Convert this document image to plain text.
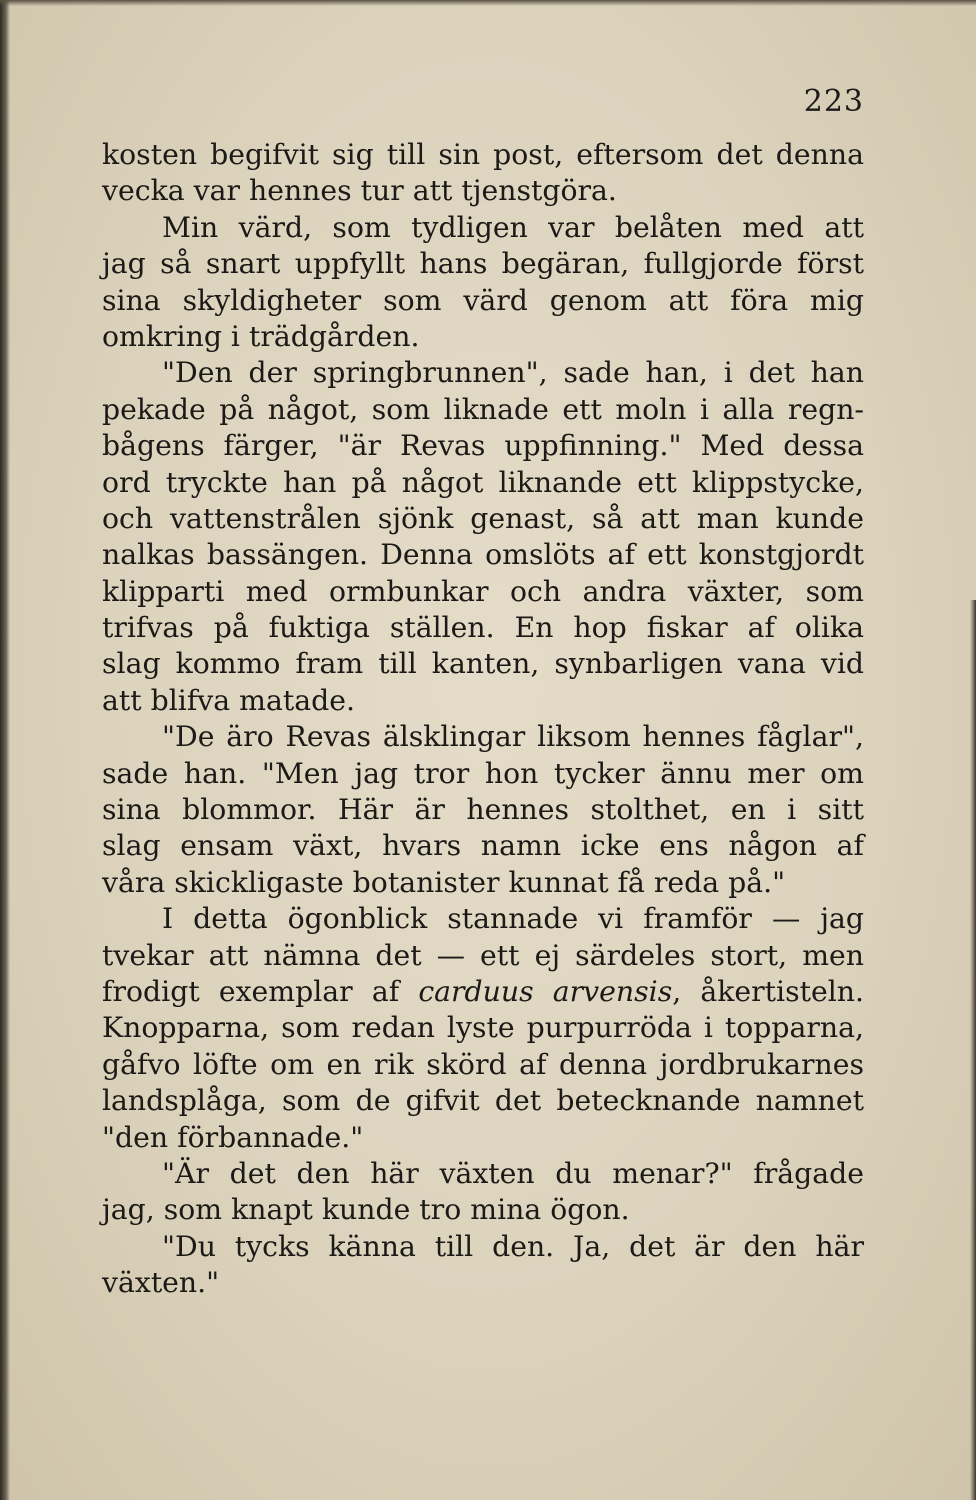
223
kosten begifvit sig till sin post, eftersom det denna
vecka var hennes tur att tjenstgöra.
Min värd, som tydligen var belåten med att
jag så snart uppfyllt hans begäran, fullgjorde först
sina skyldigheter som värd genom att föra mig
omkring i trädgården.
"Den der springbrunnen", sade han, i det han
pekade på något, som liknade ett moln i alla regn-
bågens färger, "är Revas uppfinning." Med dessa
ord tryckte han på något liknande ett klippstycke,
och vattenstrålen sjönk genast, så att man kunde
nalkas bassängen. Denna omslöts af ett konstgjordt
klipparti med ormbunkar och andra växter, som
trifvas på fuktiga ställen. En hop fiskar af olika
slag kommo fram till kanten, synbarligen vana vid
att blifva matade.
"De äro Revas älsklingar liksom hennes fåglar",
sade han. "Men jag tror hon tycker ännu mer om
sina blommor. Här är hennes stolthet, en i sitt
slag ensam växt, hvars namn icke ens någon af
våra skickligaste botanister kunnat få reda på."
I detta ögonblick stannade vi framför — jag
tvekar att nämna det — ett ej särdeles stort, men
frodigt exemplar af carduus arvensis, åkertisteln.
Knopparna, som redan lyste purpurröda i topparna,
gåfvo löfte om en rik skörd af denna jordbrukarnes
landsplåga, som de gifvit det betecknande namnet
"den förbannade."
"Är det den här växten du menar?" frågade
jag, som knapt kunde tro mina ögon.
"Du tycks känna till den. Ja, det är den här
växten."
